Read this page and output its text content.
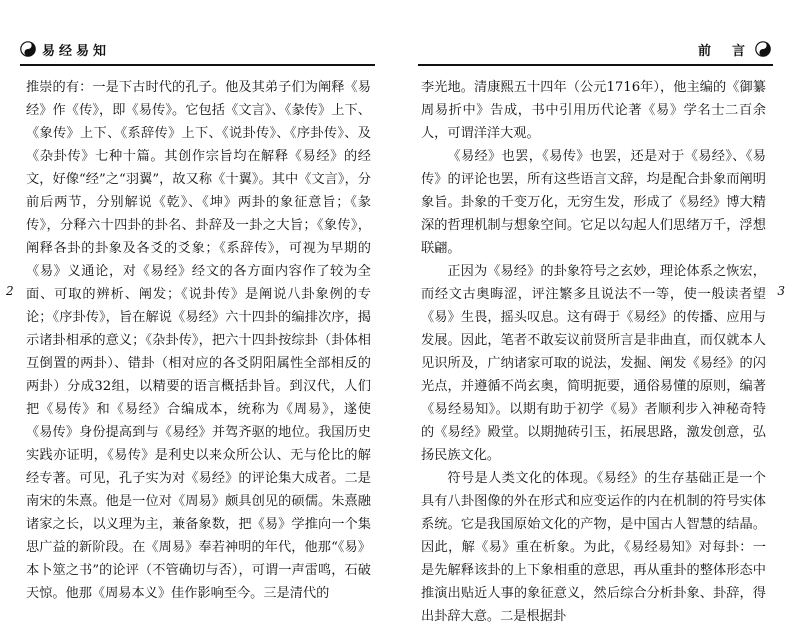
易经易知	前  言
2	3

推崇的有：一是下古时代的孔子。他及其弟子们为阐释《易经》作《传》，即《易传》。它包括《文言》、《彖传》上下、《象传》上下、《系辞传》上下、《说卦传》、《序卦传》、及《杂卦传》七种十篇。其创作宗旨均在解释《易经》的经文，好像“经”之“羽翼”，故又称《十翼》。其中《文言》，分前后两节，分别解说《乾》、《坤》两卦的象征意旨；《彖传》，分释六十四卦的卦名、卦辞及一卦之大旨；《象传》，阐释各卦的卦象及各爻的爻象；《系辞传》，可视为早期的《易》义通论，对《易经》经文的各方面内容作了较为全面、可取的辨析、阐发；《说卦传》是阐说八卦象例的专论；《序卦传》，旨在解说《易经》六十四卦的编排次序，揭示诸卦相承的意义；《杂卦传》，把六十四卦按综卦（卦体相互倒置的两卦）、错卦（相对应的各爻阴阳属性全部相反的两卦）分成32组，以精要的语言概括卦旨。到汉代，人们把《易传》和《易经》合编成本，统称为《周易》，遂使《易传》身份提高到与《易经》并驾齐驱的地位。我国历史实践亦证明，《易传》是利史以来众所公认、无与伦比的解经专著。可见，孔子实为对《易经》的评论集大成者。二是南宋的朱熹。他是一位对《周易》颇具创见的硕儒。朱熹融诸家之长，以义理为主，兼备象数，把《易》学推向一个集思广益的新阶段。在《周易》奉若神明的年代，他那“《易》本卜筮之书”的论评（不管确切与否），可谓一声雷鸣，石破天惊。他那《周易本义》佳作影响至今。三是清代的

李光地。清康熙五十四年（公元1716年），他主编的《御纂周易折中》告成，书中引用历代论著《易》学名士二百余人，可谓洋洋大观。

《易经》也罢，《易传》也罢，还是对于《易经》、《易传》的评论也罢，所有这些语言文辞，均是配合卦象而阐明象旨。卦象的千变万化，无穷生发，形成了《易经》博大精深的哲理机制与想象空间。它足以勾起人们思绪万千，浮想联翩。

正因为《易经》的卦象符号之玄妙，理论体系之恢宏，而经文古奥晦涩，评注繁多且说法不一等，使一般读者望《易》生畏，摇头叹息。这有碍于《易经》的传播、应用与发展。因此，笔者不敢妄议前贤所言是非曲直，而仅就本人见识所及，广纳诸家可取的说法，发掘、阐发《易经》的闪光点，并遵循不尚玄奥，简明扼要，通俗易懂的原则，编著《易经易知》。以期有助于初学《易》者顺利步入神秘奇特的《易经》殿堂。以期抛砖引玉，拓展思路，激发创意，弘扬民族文化。

符号是人类文化的体现。《易经》的生存基础正是一个具有八卦图像的外在形式和应变运作的内在机制的符号实体系统。它是我国原始文化的产物，是中国古人智慧的结晶。因此，解《易》重在析象。为此，《易经易知》对每卦：一是先解释该卦的上下象相重的意思，再从重卦的整体形态中推演出贴近人事的象征意义，然后综合分析卦象、卦辞，得出卦辞大意。二是根据卦
